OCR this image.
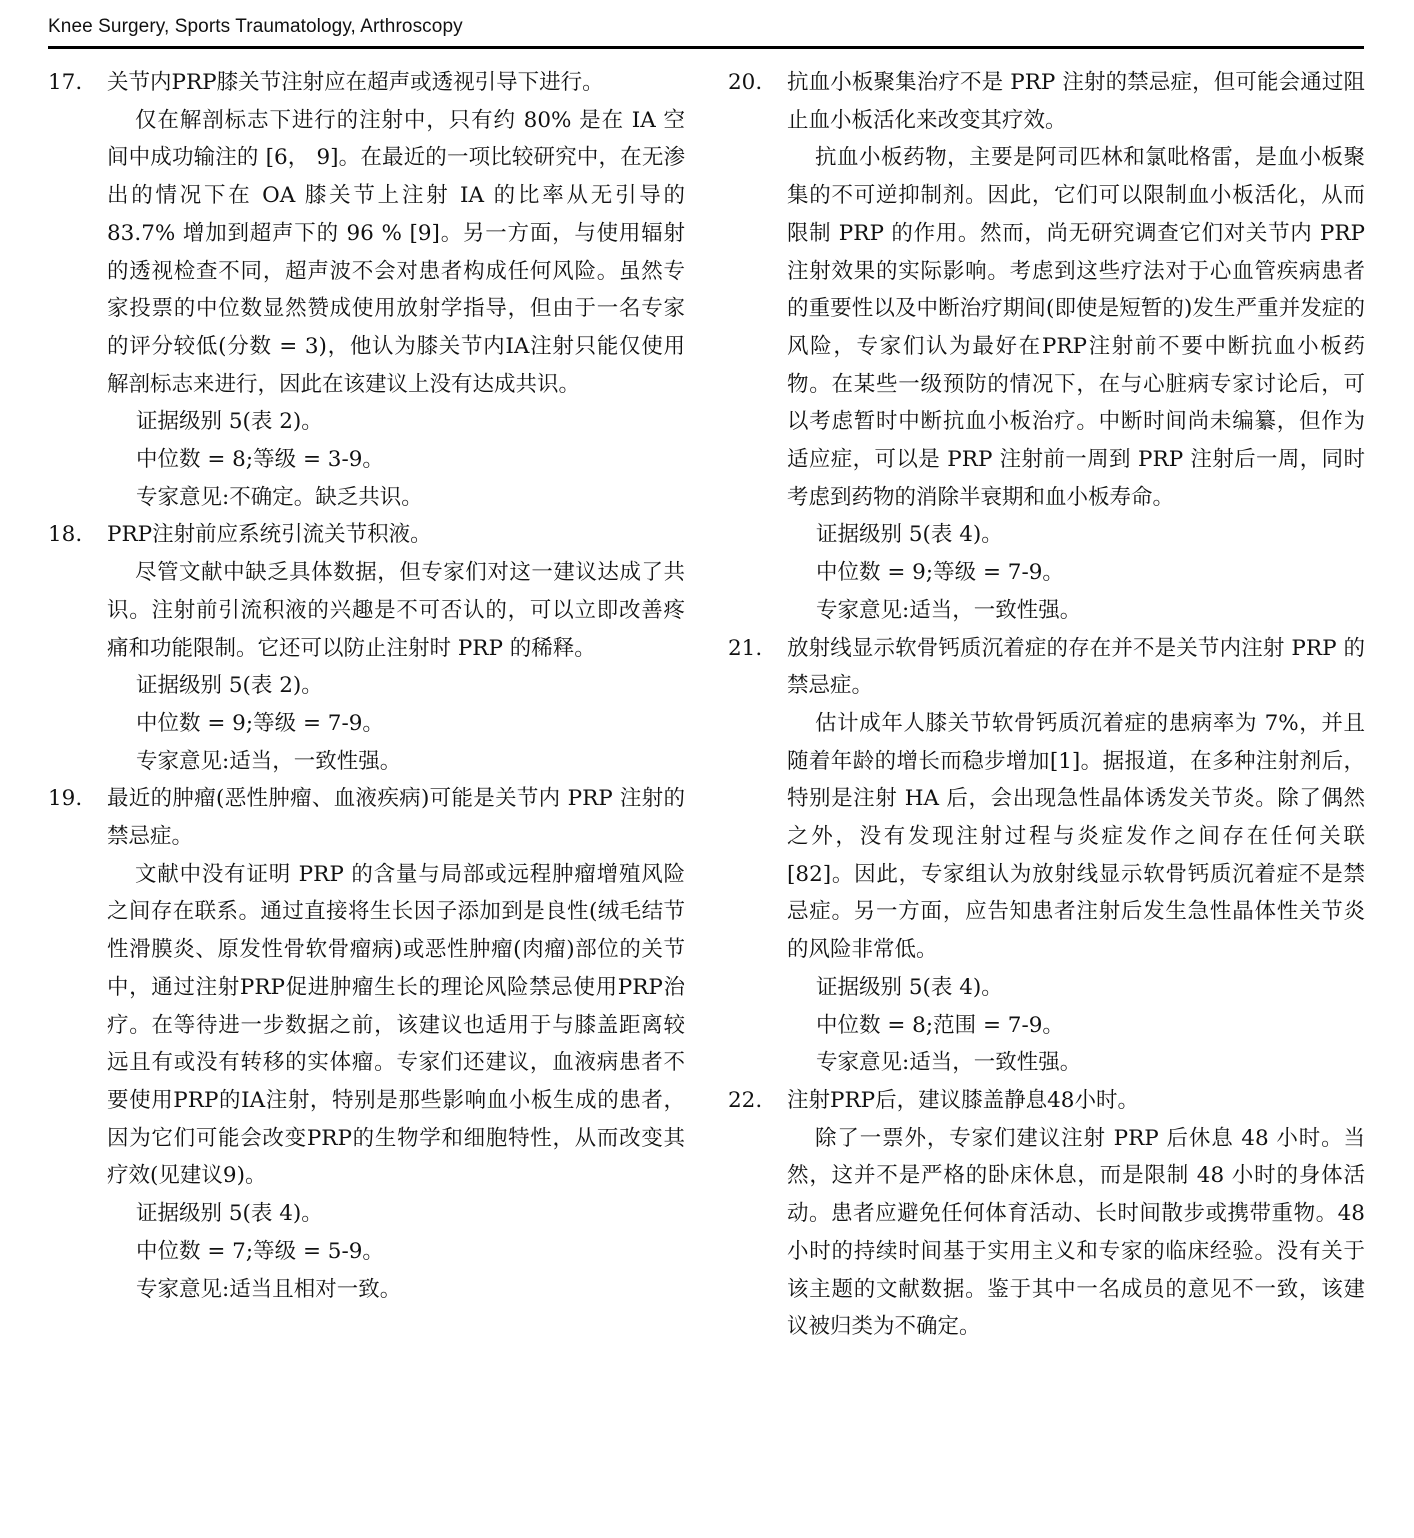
Knee Surgery, Sports Traumatology, Arthroscopy
17.	关节内PRP膝关节注射应在超声或透视引导下进行。
仅在解剖标志下进行的注射中，只有约 80% 是在 IA 空间中成功输注的 [6， 9]。在最近的一项比较研究中，在无渗出的情况下在 OA 膝关节上注射 IA 的比率从无引导的 83.7% 增加到超声下的 96 % [9]。另一方面，与使用辐射的透视检查不同，超声波不会对患者构成任何风险。虽然专家投票的中位数显然赞成使用放射学指导，但由于一名专家的评分较低(分数 = 3)，他认为膝关节内IA注射只能仅使用解剖标志来进行，因此在该建议上没有达成共识。
证据级别 5(表 2)。
中位数 = 8;等级 = 3-9。
专家意见:不确定。缺乏共识。
18.	PRP注射前应系统引流关节积液。
尽管文献中缺乏具体数据，但专家们对这一建议达成了共识。注射前引流积液的兴趣是不可否认的，可以立即改善疼痛和功能限制。它还可以防止注射时 PRP 的稀释。
证据级别 5(表 2)。
中位数 = 9;等级 = 7-9。
专家意见:适当，一致性强。
19.	最近的肿瘤(恶性肿瘤、血液疾病)可能是关节内 PRP 注射的禁忌症。
文献中没有证明 PRP 的含量与局部或远程肿瘤增殖风险之间存在联系。通过直接将生长因子添加到是良性(绒毛结节性滑膜炎、原发性骨软骨瘤病)或恶性肿瘤(肉瘤)部位的关节中，通过注射PRP促进肿瘤生长的理论风险禁忌使用PRP治疗。在等待进一步数据之前，该建议也适用于与膝盖距离较远且有或没有转移的实体瘤。专家们还建议，血液病患者不要使用PRP的IA注射，特别是那些影响血小板生成的患者，因为它们可能会改变PRP的生物学和细胞特性，从而改变其疗效(见建议9)。
证据级别 5(表 4)。
中位数 = 7;等级 = 5-9。
专家意见:适当且相对一致。
20.	抗血小板聚集治疗不是 PRP 注射的禁忌症，但可能会通过阻止血小板活化来改变其疗效。
抗血小板药物，主要是阿司匹林和氯吡格雷，是血小板聚集的不可逆抑制剂。因此，它们可以限制血小板活化，从而限制 PRP 的作用。然而，尚无研究调查它们对关节内 PRP 注射效果的实际影响。考虑到这些疗法对于心血管疾病患者的重要性以及中断治疗期间(即使是短暂的)发生严重并发症的风险，专家们认为最好在PRP注射前不要中断抗血小板药物。在某些一级预防的情况下，在与心脏病专家讨论后，可以考虑暂时中断抗血小板治疗。中断时间尚未编纂，但作为适应症，可以是 PRP 注射前一周到 PRP 注射后一周，同时考虑到药物的消除半衰期和血小板寿命。
证据级别 5(表 4)。
中位数 = 9;等级 = 7-9。
专家意见:适当，一致性强。
21.	放射线显示软骨钙质沉着症的存在并不是关节内注射 PRP 的禁忌症。
估计成年人膝关节软骨钙质沉着症的患病率为 7%，并且随着年龄的增长而稳步增加[1]。据报道，在多种注射剂后，特别是注射 HA 后，会出现急性晶体诱发关节炎。除了偶然之外，没有发现注射过程与炎症发作之间存在任何关联[82]。因此，专家组认为放射线显示软骨钙质沉着症不是禁忌症。另一方面，应告知患者注射后发生急性晶体性关节炎的风险非常低。
证据级别 5(表 4)。
中位数 = 8;范围 = 7-9。
专家意见:适当，一致性强。
22.	注射PRP后，建议膝盖静息48小时。
除了一票外，专家们建议注射 PRP 后休息 48 小时。当然，这并不是严格的卧床休息，而是限制 48 小时的身体活动。患者应避免任何体育活动、长时间散步或携带重物。48小时的持续时间基于实用主义和专家的临床经验。没有关于该主题的文献数据。鉴于其中一名成员的意见不一致，该建议被归类为不确定。
